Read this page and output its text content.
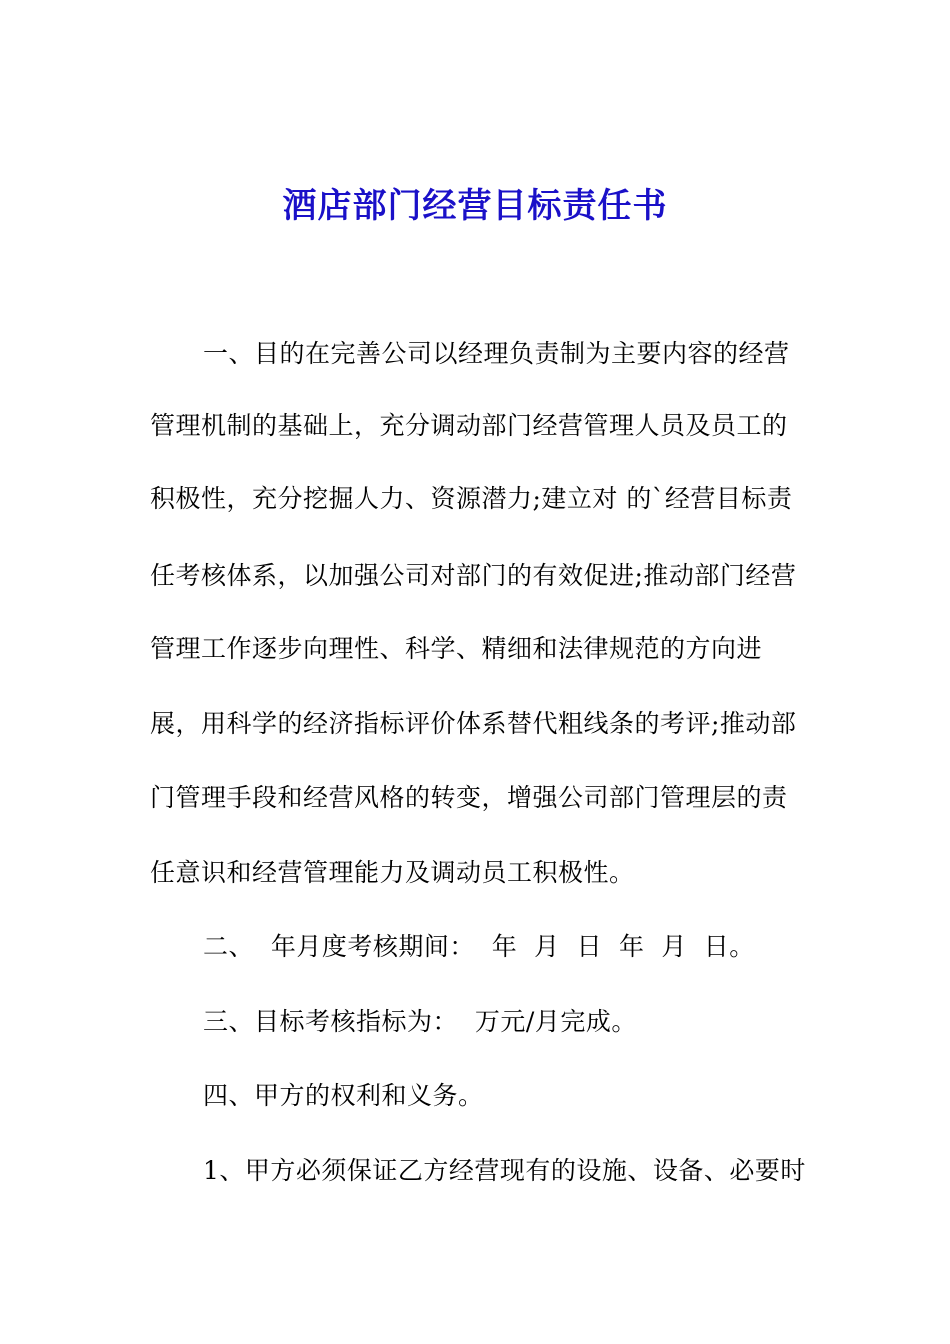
酒店部门经营目标责任书
一、目的在完善公司以经理负责制为主要内容的经营
管理机制的基础上，充分调动部门经营管理人员及员工的
积极性，充分挖掘人力、资源潜力;建立对 的`经营目标责
任考核体系，以加强公司对部门的有效促进;推动部门经营
管理工作逐步向理性、科学、精细和法律规范的方向进
展，用科学的经济指标评价体系替代粗线条的考评;推动部
门管理手段和经营风格的转变，增强公司部门管理层的责
任意识和经营管理能力及调动员工积极性。
二、  年月度考核期间：  年  月  日  年  月  日。
三、目标考核指标为：  万元/月完成。
四、甲方的权利和义务。
1、甲方必须保证乙方经营现有的设施、设备、必要时
